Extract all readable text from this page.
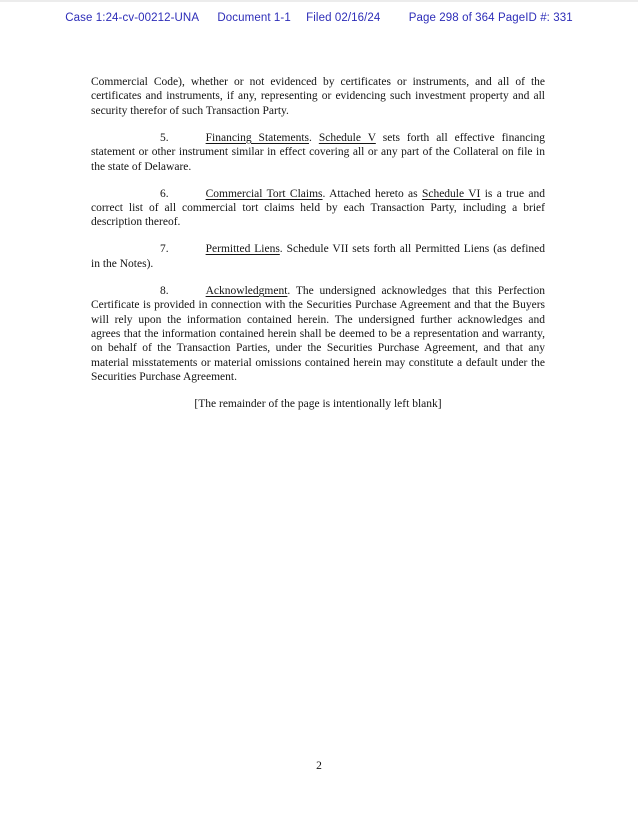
Case 1:24-cv-00212-UNA Document 1-1 Filed 02/16/24 Page 298 of 364 PageID #: 331

Commercial Code), whether or not evidenced by certificates or instruments, and all of the certificates and instruments, if any, representing or evidencing such investment property and all security therefor of such Transaction Party.

5.	Financing Statements. Schedule V sets forth all effective financing statement or other instrument similar in effect covering all or any part of the Collateral on file in the state of Delaware.

6.	Commercial Tort Claims. Attached hereto as Schedule VI is a true and correct list of all commercial tort claims held by each Transaction Party, including a brief description thereof.

7.	Permitted Liens. Schedule VII sets forth all Permitted Liens (as defined in the Notes).

8.	Acknowledgment. The undersigned acknowledges that this Perfection Certificate is provided in connection with the Securities Purchase Agreement and that the Buyers will rely upon the information contained herein. The undersigned further acknowledges and agrees that the information contained herein shall be deemed to be a representation and warranty, on behalf of the Transaction Parties, under the Securities Purchase Agreement, and that any material misstatements or material omissions contained herein may constitute a default under the Securities Purchase Agreement.

[The remainder of the page is intentionally left blank]

2
